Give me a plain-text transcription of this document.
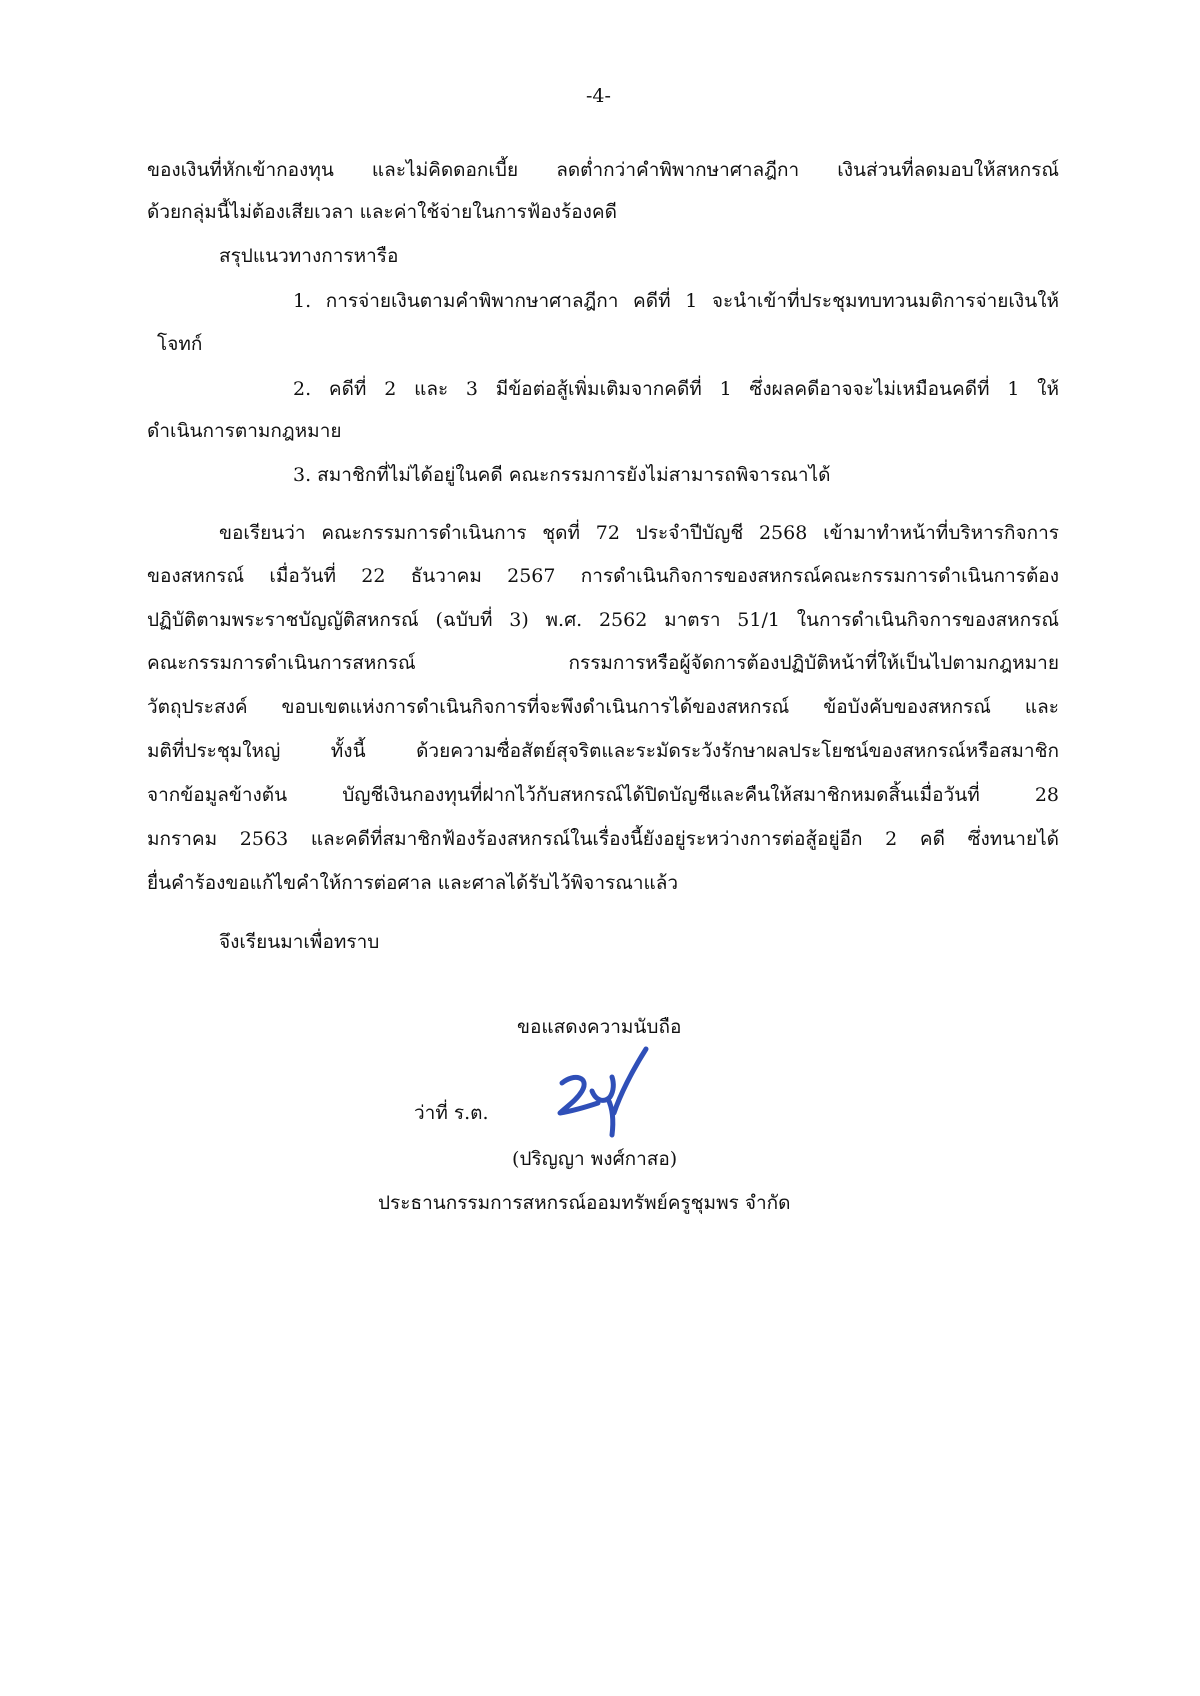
-4-
ของเงินที่หักเข้ากองทุน และไม่คิดดอกเบี้ย ลดต่ำกว่าคำพิพากษาศาลฎีกา เงินส่วนที่ลดมอบให้สหกรณ์
ด้วยกลุ่มนี้ไม่ต้องเสียเวลา และค่าใช้จ่ายในการฟ้องร้องคดี
สรุปแนวทางการหารือ
1. การจ่ายเงินตามคำพิพากษาศาลฎีกา คดีที่ 1 จะนำเข้าที่ประชุมทบทวนมติการจ่ายเงินให้
โจทก์
2. คดีที่ 2 และ 3 มีข้อต่อสู้เพิ่มเติมจากคดีที่ 1 ซึ่งผลคดีอาจจะไม่เหมือนคดีที่ 1 ให้
ดำเนินการตามกฎหมาย
3. สมาชิกที่ไม่ได้อยู่ในคดี คณะกรรมการยังไม่สามารถพิจารณาได้
ขอเรียนว่า คณะกรรมการดำเนินการ ชุดที่ 72 ประจำปีบัญชี 2568 เข้ามาทำหน้าที่บริหารกิจการ
ของสหกรณ์ เมื่อวันที่ 22 ธันวาคม 2567 การดำเนินกิจการของสหกรณ์คณะกรรมการดำเนินการต้อง
ปฏิบัติตามพระราชบัญญัติสหกรณ์ (ฉบับที่ 3) พ.ศ. 2562 มาตรา 51/1 ในการดำเนินกิจการของสหกรณ์
คณะกรรมการดำเนินการสหกรณ์ กรรมการหรือผู้จัดการต้องปฏิบัติหน้าที่ให้เป็นไปตามกฎหมาย
วัตถุประสงค์ ขอบเขตแห่งการดำเนินกิจการที่จะพึงดำเนินการได้ของสหกรณ์ ข้อบังคับของสหกรณ์ และ
มติที่ประชุมใหญ่ ทั้งนี้ ด้วยความซื่อสัตย์สุจริตและระมัดระวังรักษาผลประโยชน์ของสหกรณ์หรือสมาชิก
จากข้อมูลข้างต้น บัญชีเงินกองทุนที่ฝากไว้กับสหกรณ์ได้ปิดบัญชีและคืนให้สมาชิกหมดสิ้นเมื่อวันที่ 28
มกราคม 2563 และคดีที่สมาชิกฟ้องร้องสหกรณ์ในเรื่องนี้ยังอยู่ระหว่างการต่อสู้อยู่อีก 2 คดี ซึ่งทนายได้
ยื่นคำร้องขอแก้ไขคำให้การต่อศาล และศาลได้รับไว้พิจารณาแล้ว
จึงเรียนมาเพื่อทราบ
ขอแสดงความนับถือ
ว่าที่ ร.ต.
(ปริญญา พงศ์กาสอ)
ประธานกรรมการสหกรณ์ออมทรัพย์ครูชุมพร จำกัด
